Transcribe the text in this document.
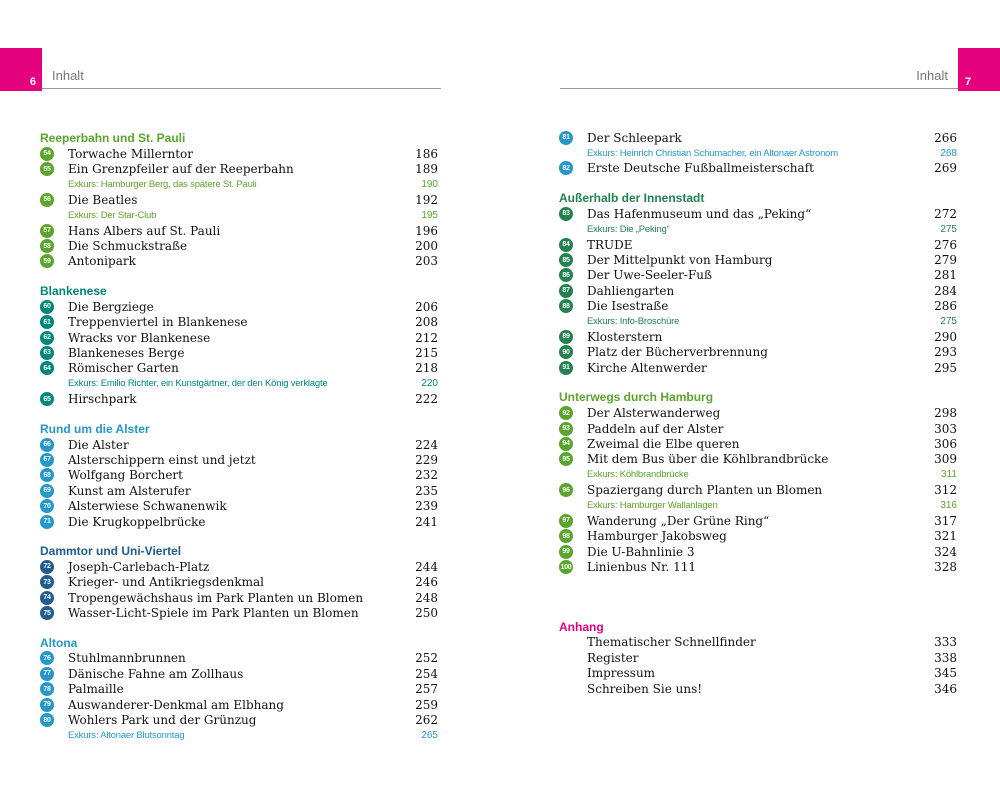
6	7
Inhalt	Inhalt
Reeperbahn und St. Pauli
54 Torwache Millerntor	186
55 Ein Grenzpfeiler auf der Reeperbahn	189
Exkurs: Hamburger Berg, das spätere St. Pauli	190
56 Die Beatles	192
Exkurs: Der Star-Club	195
57 Hans Albers auf St. Pauli	196
58 Die Schmuckstraße	200
59 Antonipark	203
Blankenese
60 Die Bergziege	206
61 Treppenviertel in Blankenese	208
62 Wracks vor Blankenese	212
63 Blankeneses Berge	215
64 Römischer Garten	218
Exkurs: Emilio Richter, ein Kunstgärtner, der den König verklagte	220
65 Hirschpark	222
Rund um die Alster
66 Die Alster	224
67 Alsterschippern einst und jetzt	229
68 Wolfgang Borchert	232
69 Kunst am Alsterufer	235
70 Alsterwiese Schwanenwik	239
71 Die Krugkoppelbrücke	241
Dammtor und Uni-Viertel
72 Joseph-Carlebach-Platz	244
73 Krieger- und Antikriegsdenkmal	246
74 Tropengewächshaus im Park Planten un Blomen	248
75 Wasser-Licht-Spiele im Park Planten un Blomen	250
Altona
76 Stuhlmannbrunnen	252
77 Dänische Fahne am Zollhaus	254
78 Palmaille	257
79 Auswanderer-Denkmal am Elbhang	259
80 Wohlers Park und der Grünzug	262
Exkurs: Altonaer Blutsonntag	265
81 Der Schleepark	266
Exkurs: Heinrich Christian Schumacher, ein Altonaer Astronom	268
82 Erste Deutsche Fußballmeisterschaft	269
Außerhalb der Innenstadt
83 Das Hafenmuseum und das „Peking“	272
Exkurs: Die „Peking“	275
84 TRUDE	276
85 Der Mittelpunkt von Hamburg	279
86 Der Uwe-Seeler-Fuß	281
87 Dahliengarten	284
88 Die Isestraße	286
Exkurs: Info-Broschüre	275
89 Klosterstern	290
90 Platz der Bücherverbrennung	293
91 Kirche Altenwerder	295
Unterwegs durch Hamburg
92 Der Alsterwanderweg	298
93 Paddeln auf der Alster	303
94 Zweimal die Elbe queren	306
95 Mit dem Bus über die Köhlbrandbrücke	309
Exkurs: Köhlbrandbrücke	311
96 Spaziergang durch Planten un Blomen	312
Exkurs: Hamburger Wallanlagen	316
97 Wanderung „Der Grüne Ring“	317
98 Hamburger Jakobsweg	321
99 Die U-Bahnlinie 3	324
100 Linienbus Nr. 111	328
Anhang
Thematischer Schnellfinder	333
Register	338
Impressum	345
Schreiben Sie uns!	346
